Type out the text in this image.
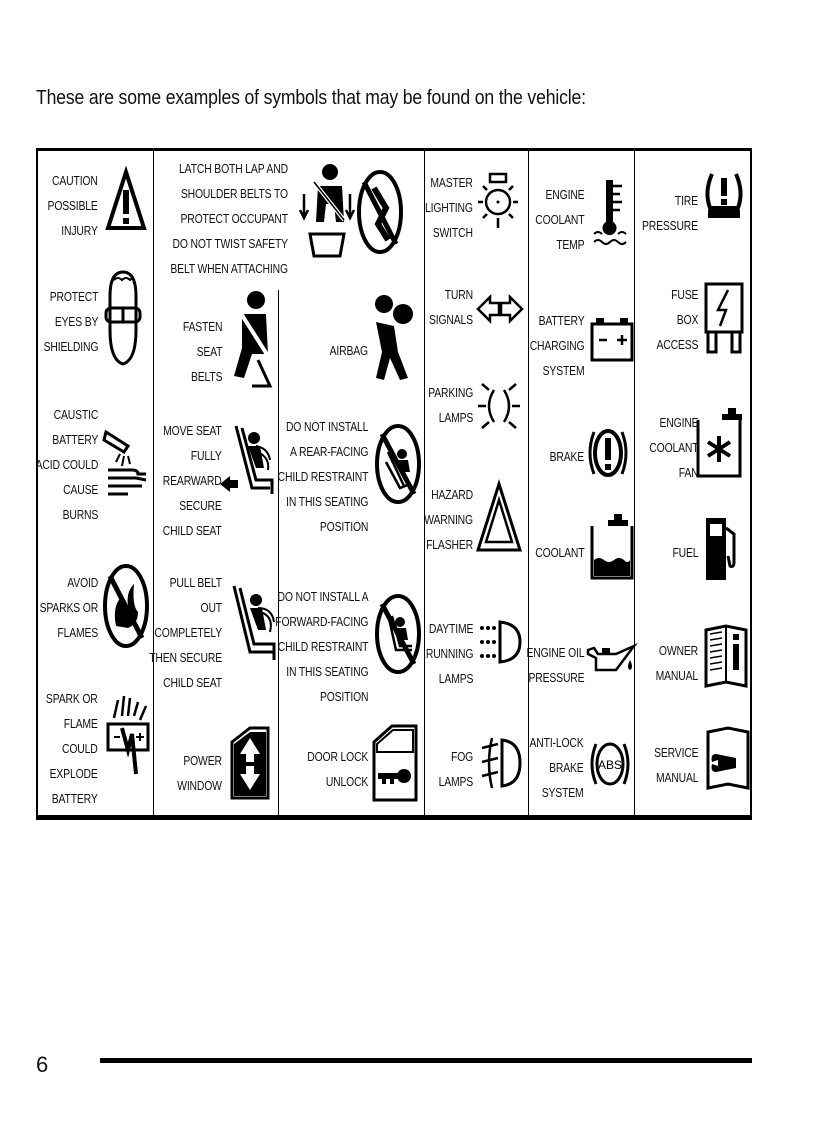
These are some examples of symbols that may be found on the vehicle:
CAUTION
POSSIBLE
INJURY
PROTECT
EYES BY
SHIELDING
CAUSTIC
BATTERY
ACID COULD
CAUSE
BURNS
AVOID
SPARKS OR
FLAMES
SPARK OR
FLAME
COULD
EXPLODE
BATTERY
LATCH BOTH LAP AND
SHOULDER BELTS TO
PROTECT OCCUPANT
DO NOT TWIST SAFETY
BELT WHEN ATTACHING
FASTEN
SEAT
BELTS
MOVE SEAT
FULLY
REARWARD
SECURE
CHILD SEAT
PULL BELT
OUT
COMPLETELY
THEN SECURE
CHILD SEAT
POWER
WINDOW
AIRBAG
DO NOT INSTALL
A REAR-FACING
CHILD RESTRAINT
IN THIS SEATING
POSITION
DO NOT INSTALL A
FORWARD-FACING
CHILD RESTRAINT
IN THIS SEATING
POSITION
DOOR LOCK
UNLOCK
MASTER
LIGHTING
SWITCH
TURN
SIGNALS
PARKING
LAMPS
HAZARD
WARNING
FLASHER
DAYTIME
RUNNING
LAMPS
FOG
LAMPS
ENGINE
COOLANT
TEMP
BATTERY
CHARGING
SYSTEM
BRAKE
COOLANT
ENGINE OIL
PRESSURE
ANTI-LOCK
BRAKE
SYSTEM
ABS
TIRE
PRESSURE
FUSE
BOX
ACCESS
ENGINE
COOLANT
FAN
FUEL
OWNER
MANUAL
SERVICE
MANUAL
6
